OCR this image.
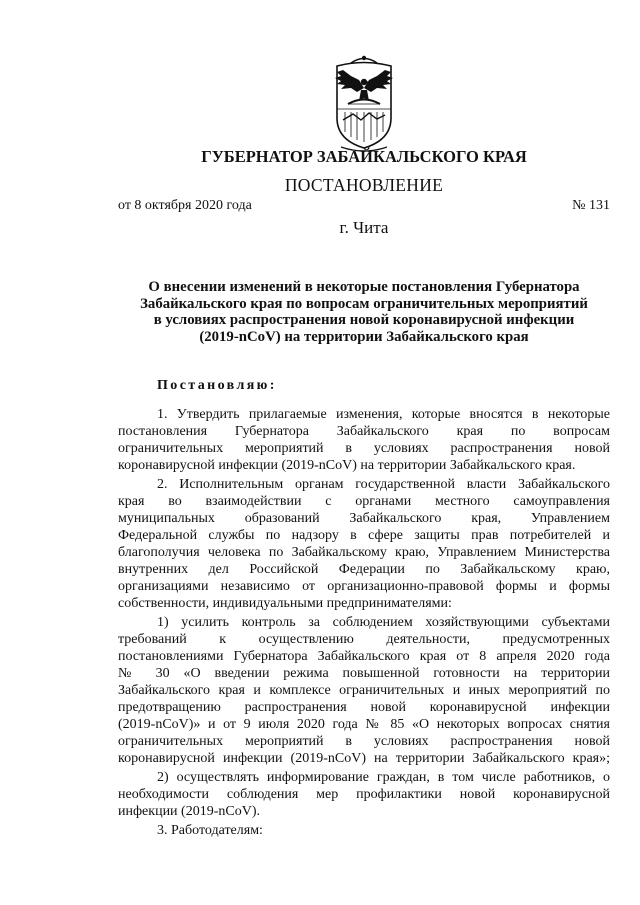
ГУБЕРНАТОР ЗАБАЙКАЛЬСКОГО КРАЯ
ПОСТАНОВЛЕНИЕ
от 8 октября 2020 года	№ 131
г. Чита
О внесении изменений в некоторые постановления Губернатора
Забайкальского края по вопросам ограничительных мероприятий
в условиях распространения новой коронавирусной инфекции
(2019-nCoV) на территории Забайкальского края
Постановляю:
1. Утвердить прилагаемые изменения, которые вносятся в некоторые
постановления Губернатора Забайкальского края по вопросам
ограничительных мероприятий в условиях распространения новой
коронавирусной инфекции (2019-nCoV) на территории Забайкальского края.
2. Исполнительным органам государственной власти Забайкальского
края во взаимодействии с органами местного самоуправления
муниципальных образований Забайкальского края, Управлением
Федеральной службы по надзору в сфере защиты прав потребителей и
благополучия человека по Забайкальскому краю, Управлением Министерства
внутренних дел Российской Федерации по Забайкальскому краю,
организациями независимо от организационно-правовой формы и формы
собственности, индивидуальными предпринимателями:
1) усилить контроль за соблюдением хозяйствующими субъектами
требований к осуществлению деятельности, предусмотренных
постановлениями Губернатора Забайкальского края от 8 апреля 2020 года
№ 30 «О введении режима повышенной готовности на территории
Забайкальского края и комплексе ограничительных и иных мероприятий по
предотвращению распространения новой коронавирусной инфекции
(2019-nCoV)» и от 9 июля 2020 года № 85 «О некоторых вопросах снятия
ограничительных мероприятий в условиях распространения новой
коронавирусной инфекции (2019-nCoV) на территории Забайкальского края»;
2) осуществлять информирование граждан, в том числе работников, о
необходимости соблюдения мер профилактики новой коронавирусной
инфекции (2019-nCoV).
3. Работодателям:
